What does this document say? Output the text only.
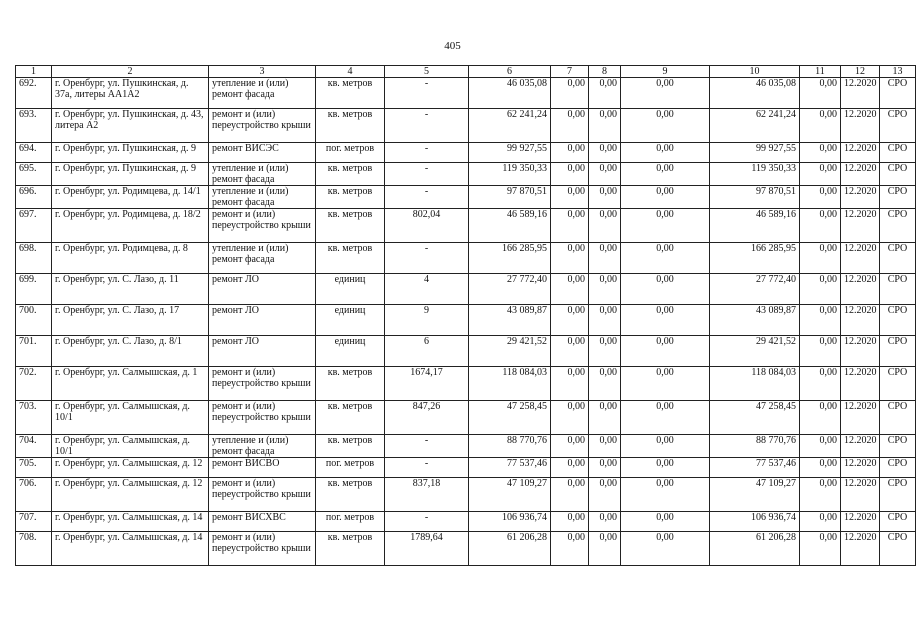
405
1	2	3	4	5	6	7	8	9	10	11	12	13
692.	г. Оренбург, ул. Пушкинская, д. 37а, литеры АА1А2	утепление и (или) ремонт фасада	кв. метров	-	46 035,08	0,00	0,00	0,00	46 035,08	0,00	12.2020	СРО
693.	г. Оренбург, ул. Пушкинская, д. 43, литера А2	ремонт и (или) переустройство крыши	кв. метров	-	62 241,24	0,00	0,00	0,00	62 241,24	0,00	12.2020	СРО
694.	г. Оренбург, ул. Пушкинская, д. 9	ремонт ВИСЭС	пог. метров	-	99 927,55	0,00	0,00	0,00	99 927,55	0,00	12.2020	СРО
695.	г. Оренбург, ул. Пушкинская, д. 9	утепление и (или) ремонт фасада	кв. метров	-	119 350,33	0,00	0,00	0,00	119 350,33	0,00	12.2020	СРО
696.	г. Оренбург, ул. Родимцева, д. 14/1	утепление и (или) ремонт фасада	кв. метров	-	97 870,51	0,00	0,00	0,00	97 870,51	0,00	12.2020	СРО
697.	г. Оренбург, ул. Родимцева, д. 18/2	ремонт и (или) переустройство крыши	кв. метров	802,04	46 589,16	0,00	0,00	0,00	46 589,16	0,00	12.2020	СРО
698.	г. Оренбург, ул. Родимцева, д. 8	утепление и (или) ремонт фасада	кв. метров	-	166 285,95	0,00	0,00	0,00	166 285,95	0,00	12.2020	СРО
699.	г. Оренбург, ул. С. Лазо, д. 11	ремонт ЛО	единиц	4	27 772,40	0,00	0,00	0,00	27 772,40	0,00	12.2020	СРО
700.	г. Оренбург, ул. С. Лазо, д. 17	ремонт ЛО	единиц	9	43 089,87	0,00	0,00	0,00	43 089,87	0,00	12.2020	СРО
701.	г. Оренбург, ул. С. Лазо, д. 8/1	ремонт ЛО	единиц	6	29 421,52	0,00	0,00	0,00	29 421,52	0,00	12.2020	СРО
702.	г. Оренбург, ул. Салмышская, д. 1	ремонт и (или) переустройство крыши	кв. метров	1674,17	118 084,03	0,00	0,00	0,00	118 084,03	0,00	12.2020	СРО
703.	г. Оренбург, ул. Салмышская, д. 10/1	ремонт и (или) переустройство крыши	кв. метров	847,26	47 258,45	0,00	0,00	0,00	47 258,45	0,00	12.2020	СРО
704.	г. Оренбург, ул. Салмышская, д. 10/1	утепление и (или) ремонт фасада	кв. метров	-	88 770,76	0,00	0,00	0,00	88 770,76	0,00	12.2020	СРО
705.	г. Оренбург, ул. Салмышская, д. 12	ремонт ВИСВО	пог. метров	-	77 537,46	0,00	0,00	0,00	77 537,46	0,00	12.2020	СРО
706.	г. Оренбург, ул. Салмышская, д. 12	ремонт и (или) переустройство крыши	кв. метров	837,18	47 109,27	0,00	0,00	0,00	47 109,27	0,00	12.2020	СРО
707.	г. Оренбург, ул. Салмышская, д. 14	ремонт ВИСХВС	пог. метров	-	106 936,74	0,00	0,00	0,00	106 936,74	0,00	12.2020	СРО
708.	г. Оренбург, ул. Салмышская, д. 14	ремонт и (или) переустройство крыши	кв. метров	1789,64	61 206,28	0,00	0,00	0,00	61 206,28	0,00	12.2020	СРО
